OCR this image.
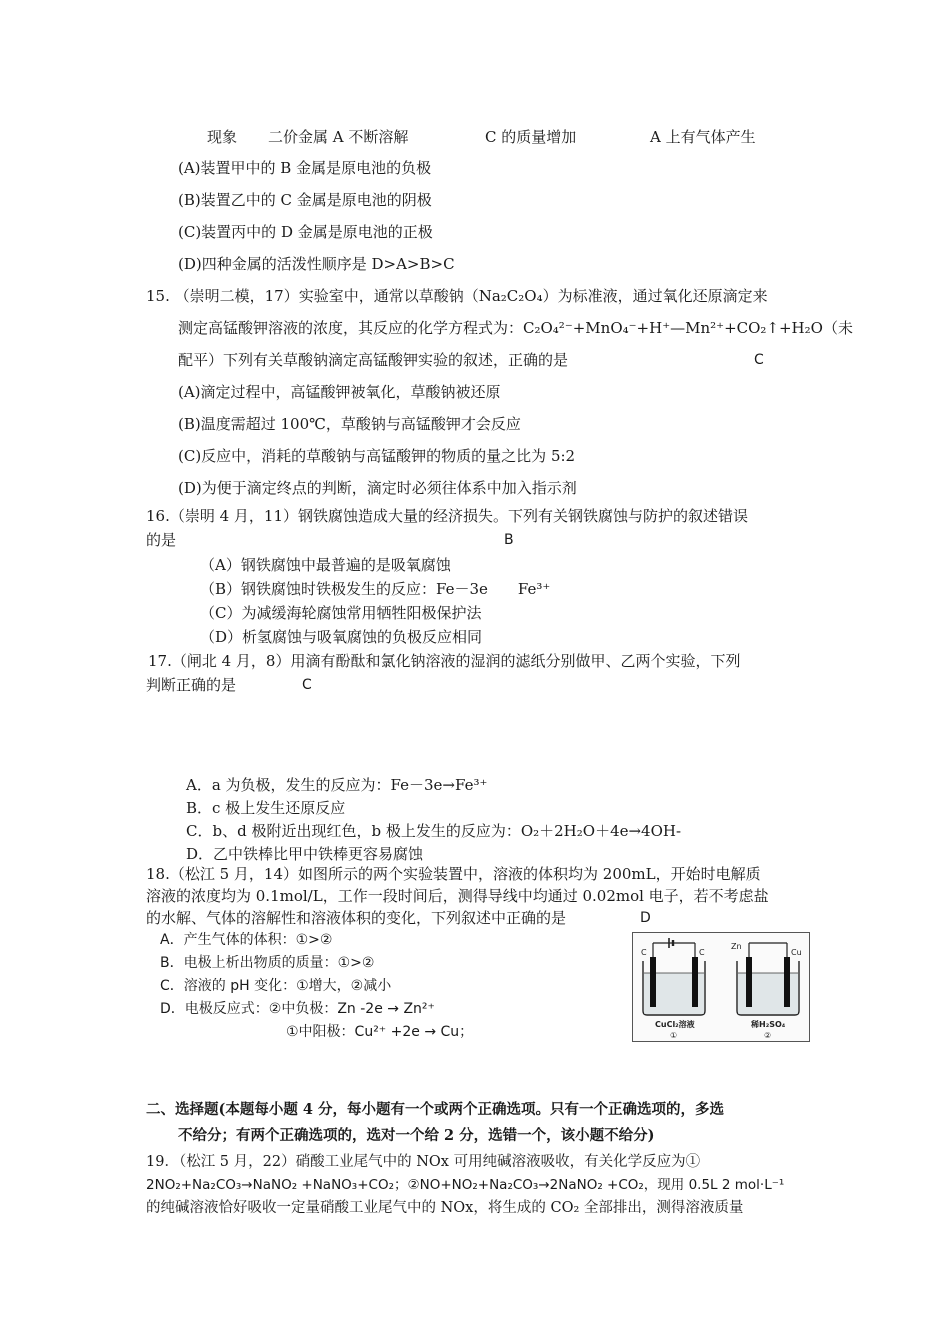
现象 二价金属 A 不断溶解	C 的质量增加	A 上有气体产生
(A)装置甲中的 B 金属是原电池的负极
(B)装置乙中的 C 金属是原电池的阴极
(C)装置丙中的 D 金属是原电池的正极
(D)四种金属的活泼性顺序是 D>A>B>C
15. （崇明二模，17）实验室中，通常以草酸钠（Na₂C₂O₄）为标准液，通过氧化还原滴定来
测定高锰酸钾溶液的浓度，其反应的化学方程式为：C₂O₄²⁻+MnO₄⁻+H⁺—Mn²⁺+CO₂↑+H₂O（未
配平）下列有关草酸钠滴定高锰酸钾实验的叙述，正确的是	C
(A)滴定过程中，高锰酸钾被氧化，草酸钠被还原
(B)温度需超过 100℃，草酸钠与高锰酸钾才会反应
(C)反应中，消耗的草酸钠与高锰酸钾的物质的量之比为 5:2
(D)为便于滴定终点的判断，滴定时必须往体系中加入指示剂
16.（崇明 4 月，11）钢铁腐蚀造成大量的经济损失。下列有关钢铁腐蚀与防护的叙述错误
的是	B
（A）钢铁腐蚀中最普遍的是吸氧腐蚀
（B）钢铁腐蚀时铁极发生的反应：Fe－3e　　Fe³⁺
（C）为减缓海轮腐蚀常用牺牲阳极保护法
（D）析氢腐蚀与吸氧腐蚀的负极反应相同
17.（闸北 4 月，8）用滴有酚酞和氯化钠溶液的湿润的滤纸分别做甲、乙两个实验，下列
判断正确的是	C
A．a 为负极，发生的反应为：Fe－3e→Fe³⁺
B．c 极上发生还原反应
C．b、d 极附近出现红色，b 极上发生的反应为：O₂＋2H₂O＋4e→4OH-
D．乙中铁棒比甲中铁棒更容易腐蚀
18.（松江 5 月，14）如图所示的两个实验装置中，溶液的体积均为 200mL，开始时电解质
溶液的浓度均为 0.1mol/L，工作一段时间后，测得导线中均通过 0.02mol 电子，若不考虑盐
的水解、气体的溶解性和溶液体积的变化，下列叙述中正确的是	D
A．产生气体的体积：①>②
B．电极上析出物质的质量：①>②
C．溶液的 pH 变化：①增大，②减小
D．电极反应式：②中负极：Zn -2e → Zn²⁺
①中阳极：Cu²⁺ +2e → Cu；
C	C
Zn
Cu
CuCl₂溶液	稀H₂SO₄
①	②
二、选择题(本题每小题 4 分，每小题有一个或两个正确选项。只有一个正确选项的，多选
不给分；有两个正确选项的，选对一个给 2 分，选错一个，该小题不给分)
19．（松江 5 月，22）硝酸工业尾气中的 NOx 可用纯碱溶液吸收，有关化学反应为①
2NO₂+Na₂CO₃→NaNO₂ +NaNO₃+CO₂；②NO+NO₂+Na₂CO₃→2NaNO₂ +CO₂，现用 0.5L 2 mol·L⁻¹
的纯碱溶液恰好吸收一定量硝酸工业尾气中的 NOx，将生成的 CO₂ 全部排出，测得溶液质量
